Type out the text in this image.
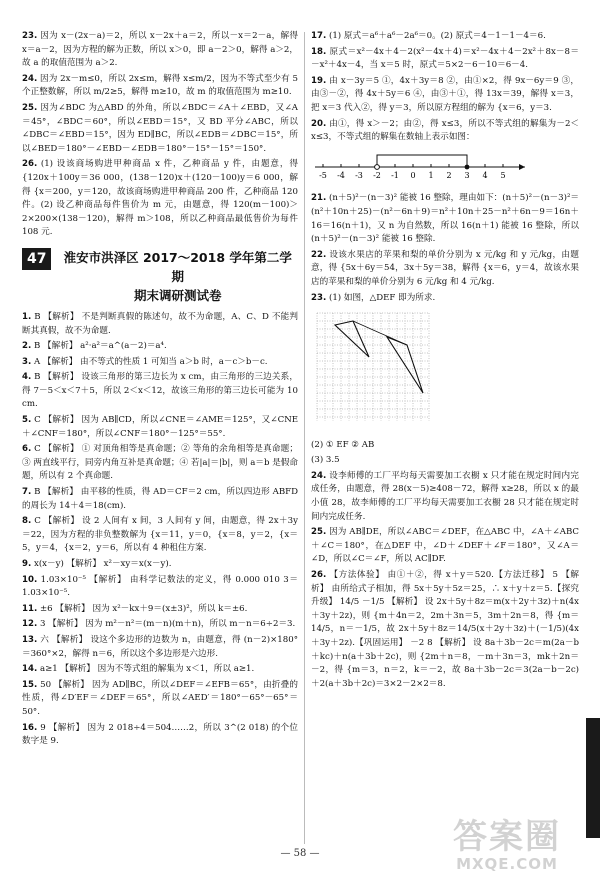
23. 因为 x－(2x－a)＝2，所以 x－2x＋a＝2，所以－x＝2－a，解得 x＝a－2，因为方程的解为正数，所以 x＞0，即 a－2＞0，解得 a＞2，故 a 的取值范围为 a＞2.

24. 因为 2x－m≤0，所以 2x≤m，解得 x≤m/2，因为不等式至少有 5 个正整数解，所以 m/2≥5，解得 m≥10，故 m 的取值范围为 m≥10.

25. 因为∠BDC 为△ABD 的外角，所以∠BDC＝∠A＋∠EBD，又∠A＝45°，∠BDC＝60°，所以∠EBD＝15°，又 BD 平分∠ABC，所以∠DBC＝∠EBD＝15°，因为 ED∥BC，所以∠EDB＝∠DBC＝15°，所以∠BED＝180°－∠EBD－∠EDB＝180°－15°－15°＝150°.

26. (1) 设该商场购进甲种商品 x 件，乙种商品 y 件，由题意，得 {120x＋100y＝36 000，(138－120)x＋(120－100)y＝6 000，解得 {x＝200，y＝120，故该商场购进甲种商品 200 件，乙种商品 120 件。(2) 设乙种商品每件售价为 m 元，由题意，得 120(m－100)＞2×200×(138－120)，解得 m＞108，所以乙种商品最低售价为每件 108 元.

47	淮安市洪泽区 2017～2018 学年第二学期
期末调研测试卷

1. B 【解析】 不是判断真假的陈述句，故不为命题，A、C、D 不能判断其真假，故不为命题.

2. B 【解析】 a²·a²＝a^(a－2)＝a⁴.

3. A 【解析】 由不等式的性质 1 可知当 a＞b 时，a－c＞b－c.

4. B 【解析】 设该三角形的第三边长为 x cm，由三角形的三边关系，得 7－5＜x＜7＋5，所以 2＜x＜12，故该三角形的第三边长可能为 10 cm.

5. C 【解析】 因为 AB∥CD，所以∠CNE＝∠AME＝125°，又∠CNE＋∠CNF＝180°，所以∠CNF＝180°－125°＝55°.

6. C 【解析】 ① 对顶角相等是真命题；② 等角的余角相等是真命题；③ 两直线平行，同旁内角互补是真命题；④ 若|a|＝|b|，则 a＝b 是假命题，所以有 2 个真命题.

7. B 【解析】 由平移的性质，得 AD＝CF＝2 cm，所以四边形 ABFD 的周长为 14＋4＝18(cm).

8. C 【解析】 设 2 人间有 x 间，3 人间有 y 间，由题意，得 2x＋3y＝22，因为方程的非负整数解为 {x＝11，y＝0，{x＝8，y＝2，{x＝5，y＝4，{x＝2，y＝6，所以有 4 种租住方案.

9. x(x－y) 【解析】 x²－xy＝x(x－y).

10. 1.03×10⁻⁵ 【解析】 由科学记数法的定义，得 0.000 010 3＝1.03×10⁻⁵.

11. ±6 【解析】 因为 x²－kx＋9＝(x±3)²，所以 k＝±6.

12. 3 【解析】 因为 m²－n²＝(m－n)(m＋n)，所以 m－n＝6÷2＝3.

13. 六 【解析】 设这个多边形的边数为 n，由题意，得 (n－2)×180°＝360°×2，解得 n＝6，所以这个多边形是六边形.

14. a≥1 【解析】 因为不等式组的解集为 x＜1，所以 a≥1.

15. 50 【解析】 因为 AD∥BC，所以∠DEF＝∠EFB＝65°，由折叠的性质，得∠D′EF＝∠DEF＝65°，所以∠AED′＝180°－65°－65°＝50°.

16. 9 【解析】 因为 2 018÷4＝504……2，所以 3^(2 018) 的个位数字是 9.

17. (1) 原式＝a⁶＋a⁶－2a⁶＝0。(2) 原式＝4－1－1－4＝6.

18. 原式＝x²－4x＋4－2(x²－4x＋4)＝x²－4x＋4－2x²＋8x－8＝－x²＋4x－4，当 x＝5 时，原式＝5×2－6－10＝6－4.

19. 由 x－3y＝5 ①，4x＋3y＝8 ②，由①×2，得 9x－6y＝9 ③，由③－②，得 4x＋5y＝6 ④，由③＋①，得 13x＝39，解得 x＝3，把 x＝3 代入②，得 y＝3，所以原方程组的解为 {x＝6，y＝3.

20. 由①，得 x＞－2；由②，得 x≤3，所以不等式组的解集为－2＜x≤3，不等式组的解集在数轴上表示如图：

-5 -4 -3 -2 -1 0 1 2 3 4 5

21. (n＋5)²－(n－3)² 能被 16 整除，理由如下：(n＋5)²－(n－3)²＝(n²＋10n＋25)－(n²－6n＋9)＝n²＋10n＋25－n²＋6n－9＝16n＋16＝16(n＋1)，又 n 为自然数，所以 16(n＋1) 能被 16 整除，所以 (n＋5)²－(n－3)² 能被 16 整除.

22. 设该水果店的苹果和梨的单价分别为 x 元/kg 和 y 元/kg，由题意，得 {5x＋6y＝54，3x＋5y＝38，解得 {x＝6，y＝4，故该水果店的苹果和梨的单价分别为 6 元/kg 和 4 元/kg.

23. (1) 如图，△DEF 即为所求.

(2) ① EF ② AB

(3) 3.5

24. 设李师傅的工厂平均每天需要加工衣橱 x 只才能在规定时间内完成任务，由题意，得 28(x－5)≥408－72，解得 x≥28，所以 x 的最小值 28，故李师傅的工厂平均每天需要加工衣橱 28 只才能在规定时间内完成任务.

25. 因为 AB∥DE，所以∠ABC＝∠DEF，在△ABC 中，∠A＋∠ABC＋∠C＝180°，在△DEF 中，∠D＋∠DEF＋∠F＝180°，又∠A＝∠D，所以∠C＝∠F，所以 AC∥DF.

26. 【方法体验】 由①＋②，得 x＋y＝520.【方法迁移】 5 【解析】 由所给式子相加，得 5x＋5y＋5z＝25，∴ x＋y＋z＝5.【探究升级】 14/5 －1/5 【解析】 设 2x＋5y＋8z＝m(x＋2y＋3z)＋n(4x＋3y＋2z)，则 {m＋4n＝2，2m＋3n＝5，3m＋2n＝8，得 {m＝14/5，n＝－1/5，故 2x＋5y＋8z＝14/5(x＋2y＋3z)＋(－1/5)(4x＋3y＋2z).【巩固运用】 －2 8 【解析】 设 8a＋3b－2c＝m(2a－b＋kc)＋n(a＋3b＋2c)，则 {2m＋n＝8，－m＋3n＝3，mk＋2n＝－2，得 {m＝3，n＝2，k＝－2，故 8a＋3b－2c＝3(2a－b－2c)＋2(a＋3b＋2c)＝3×2－2×2＝8.

— 58 —	答案圈
MXQE.COM
